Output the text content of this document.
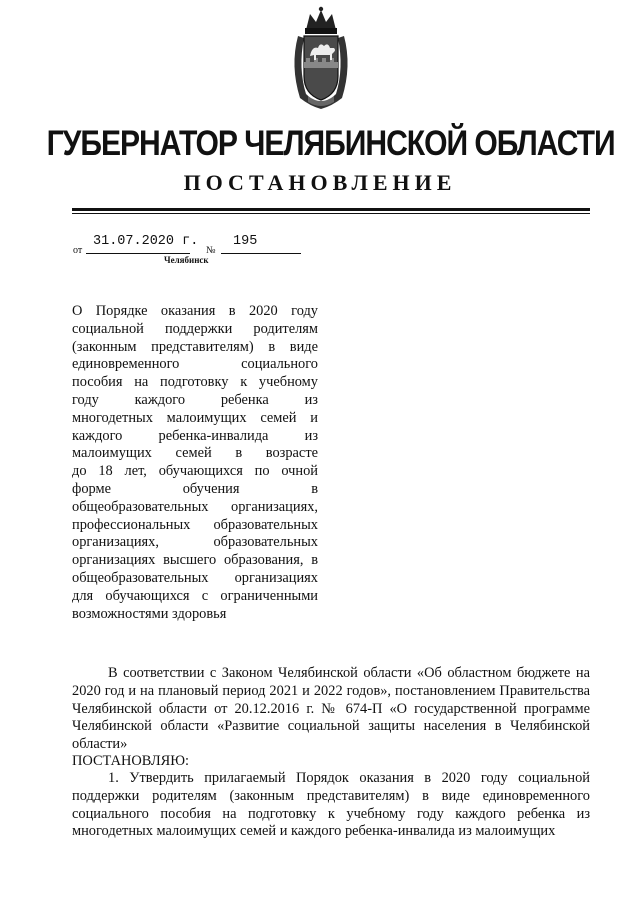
ГУБЕРНАТОР ЧЕЛЯБИНСКОЙ ОБЛАСТИ
ПОСТАНОВЛЕНИЕ
от
31.07.2020 г.
№
195
Челябинск
О Порядке оказания в 2020 году
социальной поддержки родителям
(законным представителям) в виде
единовременного социального
пособия на подготовку к учебному
году каждого ребенка из
многодетных малоимущих семей и
каждого ребенка-инвалида из
малоимущих семей в возрасте
до 18 лет, обучающихся по очной
форме обучения в
общеобразовательных организациях,
профессиональных образовательных
организациях, образовательных
организациях высшего образования, в
общеобразовательных организациях
для обучающихся с ограниченными
возможностями здоровья
В соответствии с Законом Челябинской области «Об областном бюджете на 2020 год и на плановый период 2021 и 2022 годов», постановлением Правительства Челябинской области от 20.12.2016 г. № 674-П «О государственной программе Челябинской области «Развитие социальной защиты населения в Челябинской области»
ПОСТАНОВЛЯЮ:
1. Утвердить прилагаемый Порядок оказания в 2020 году социальной поддержки родителям (законным представителям) в виде единовременного социального пособия на подготовку к учебному году каждого ребенка из многодетных малоимущих семей и каждого ребенка-инвалида из малоимущих
